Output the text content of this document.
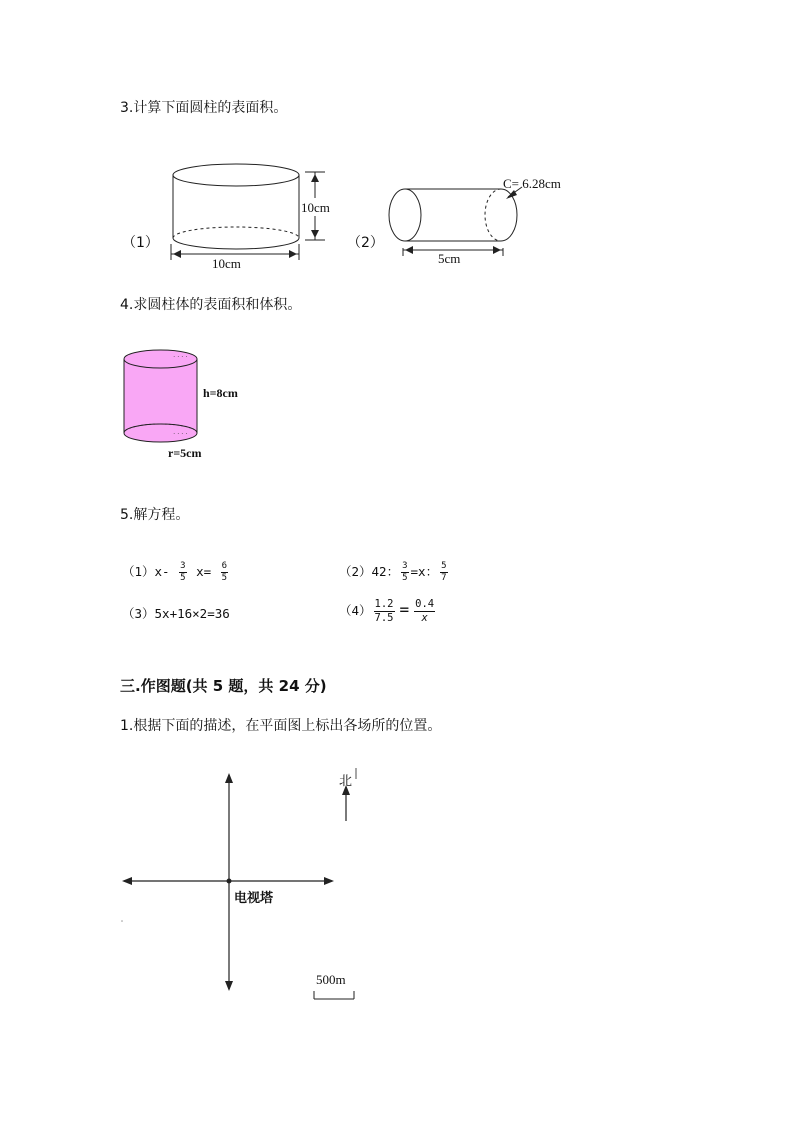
3.计算下面圆柱的表面积。
（1）
10cm
10cm
（2）
C= 6.28cm
5cm
4.求圆柱体的表面积和体积。
· · · ·
· · · ·
h=8cm
r=5cm
5.解方程。
$(1)x- \frac{3}{5} x= \frac{6}{5}$	（2）42： $\frac{3}{5} =x$： $\frac{5}{7}$
（3）5x+16×2=36	$(4) \frac{1.2}{7.5} = \frac{0.4}{x}$
三.作图题(共 5 题，共 24 分)
1.根据下面的描述，在平面图上标出各场所的位置。
电视塔
北
500m
